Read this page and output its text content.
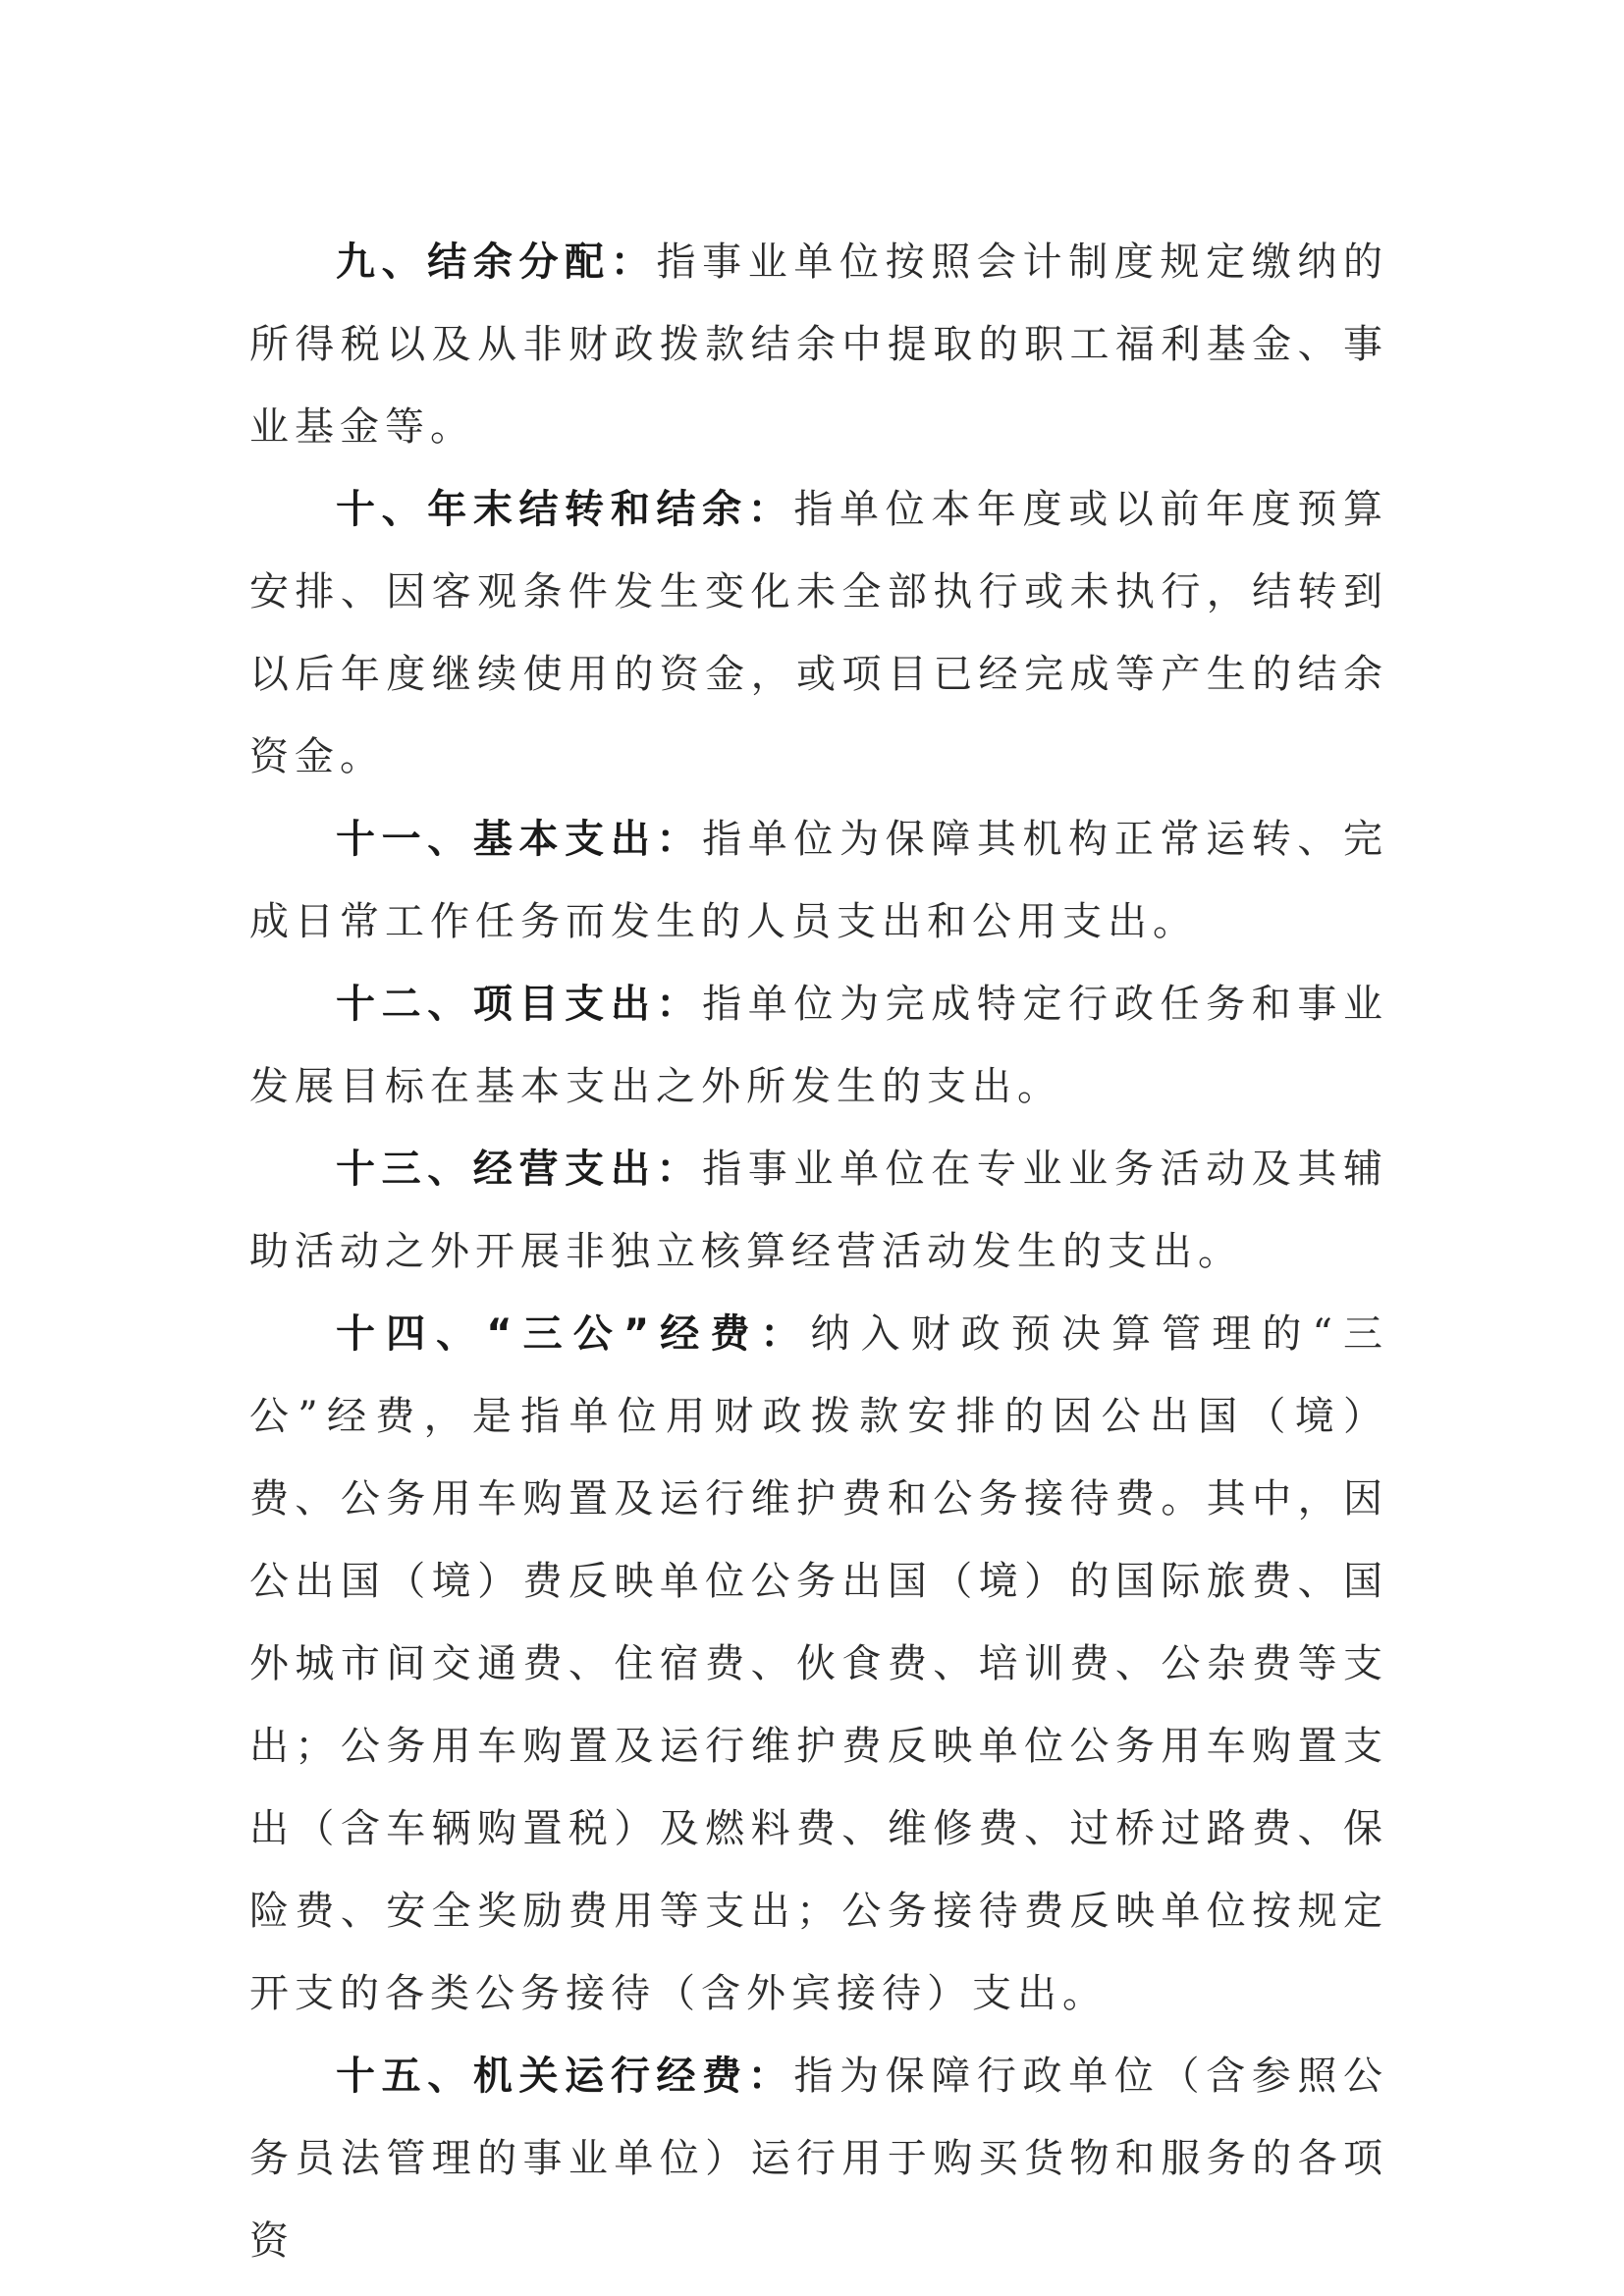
九、结余分配：指事业单位按照会计制度规定缴纳的所得税以及从非财政拨款结余中提取的职工福利基金、事业基金等。

十、年末结转和结余：指单位本年度或以前年度预算安排、因客观条件发生变化未全部执行或未执行，结转到以后年度继续使用的资金，或项目已经完成等产生的结余资金。

十一、基本支出：指单位为保障其机构正常运转、完成日常工作任务而发生的人员支出和公用支出。

十二、项目支出：指单位为完成特定行政任务和事业发展目标在基本支出之外所发生的支出。

十三、经营支出：指事业单位在专业业务活动及其辅助活动之外开展非独立核算经营活动发生的支出。

十四、“三公”经费：纳入财政预决算管理的“三公”经费，是指单位用财政拨款安排的因公出国（境）费、公务用车购置及运行维护费和公务接待费。其中，因公出国（境）费反映单位公务出国（境）的国际旅费、国外城市间交通费、住宿费、伙食费、培训费、公杂费等支出；公务用车购置及运行维护费反映单位公务用车购置支出（含车辆购置税）及燃料费、维修费、过桥过路费、保险费、安全奖励费用等支出；公务接待费反映单位按规定开支的各类公务接待（含外宾接待）支出。

十五、机关运行经费：指为保障行政单位（含参照公务员法管理的事业单位）运行用于购买货物和服务的各项资
